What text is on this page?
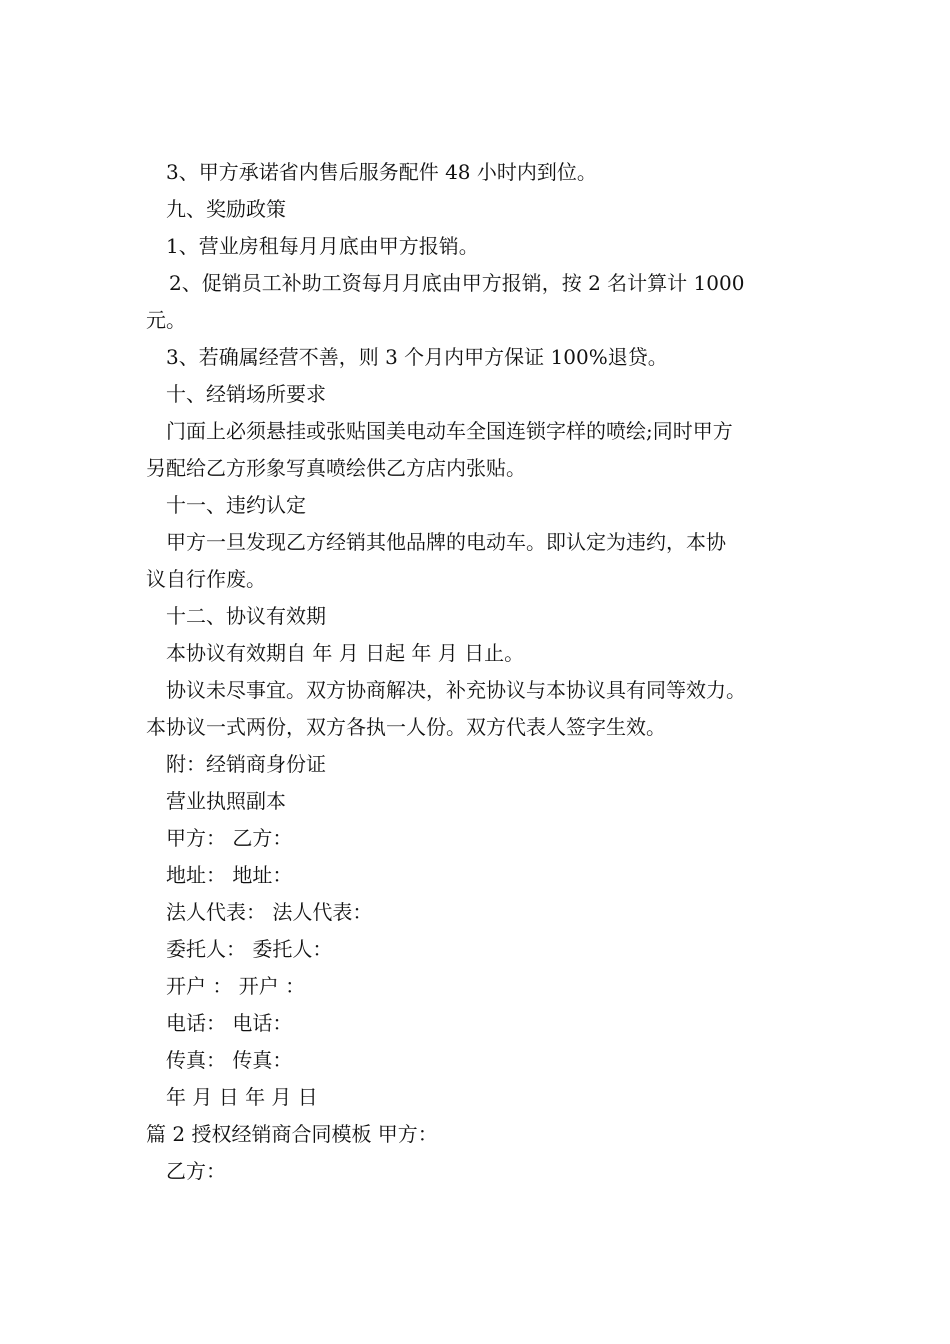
3、甲方承诺省内售后服务配件 48 小时内到位。
九、奖励政策
1、营业房租每月月底由甲方报销。
2、促销员工补助工资每月月底由甲方报销，按 2 名计算计 1000
元。
3、若确属经营不善，则 3 个月内甲方保证 100%退贷。
十、经销场所要求
门面上必须悬挂或张贴国美电动车全国连锁字样的喷绘;同时甲方
另配给乙方形象写真喷绘供乙方店内张贴。
十一、违约认定
甲方一旦发现乙方经销其他品牌的电动车。即认定为违约，本协
议自行作废。
十二、协议有效期
本协议有效期自 年 月 日起 年 月 日止。
协议未尽事宜。双方协商解决，补充协议与本协议具有同等效力。
本协议一式两份，双方各执一人份。双方代表人签字生效。
附：经销商身份证
营业执照副本
甲方： 乙方：
地址： 地址：
法人代表： 法人代表：
委托人： 委托人：
开户 ： 开户 ：
电话： 电话：
传真： 传真：
年 月 日 年 月 日
篇 2 授权经销商合同模板 甲方：
乙方：
